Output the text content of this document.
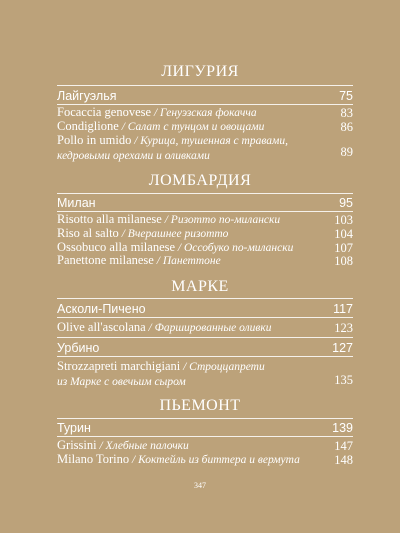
ЛИГУРИЯ
Лайгуэлья	75
Focaccia genovese / Генуэзская фокачча	83
Condiglione / Салат с тунцом и овощами	86
Pollo in umido / Курица, тушенная с травами,
кедровыми орехами и оливками	89
ЛОМБАРДИЯ
Милан	95
Risotto alla milanese / Ризотто по-милански	103
Riso al salto / Вчерашнее ризотто	104
Ossobuco alla milanese / Оссобуко по-милански	107
Panettone milanese / Панеттоне	108
МАРКЕ
Асколи-Пичено	117
Olive all'ascolana / Фаршированные оливки	123
Урбино	127
Strozzapreti marchigiani / Строццапрети
из Марке с овечьим сыром	135
ПЬЕМОНТ
Турин	139
Grissini / Хлебные палочки	147
Milano Torino / Коктейль из биттера и вермута	148
347
